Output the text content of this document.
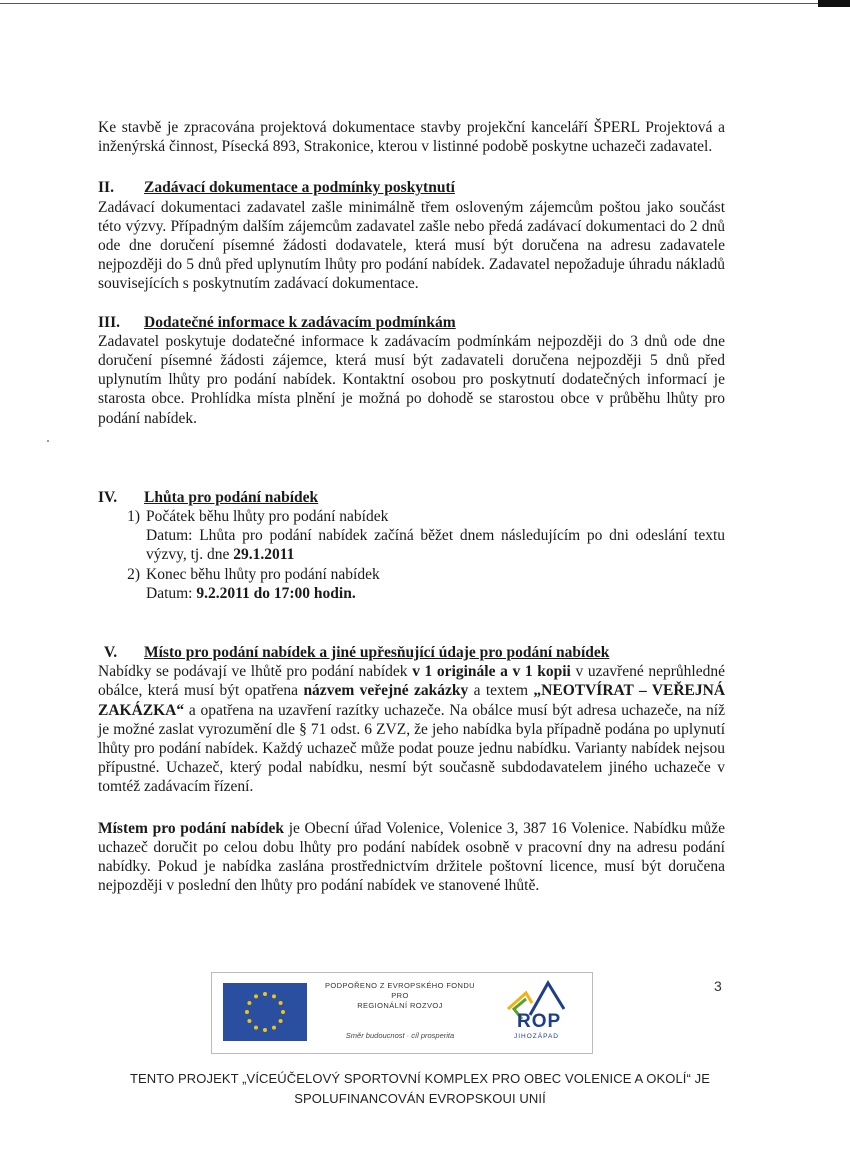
Ke stavbě je zpracována projektová dokumentace stavby projekční kanceláří ŠPERL Projektová a inženýrská činnost, Písecká 893, Strakonice, kterou v listinné podobě poskytne uchazeči zadavatel.

II. Zadávací dokumentace a podmínky poskytnutí

Zadávací dokumentaci zadavatel zašle minimálně třem osloveným zájemcům poštou jako součást této výzvy. Případným dalším zájemcům zadavatel zašle nebo předá zadávací dokumentaci do 2 dnů ode dne doručení písemné žádosti dodavatele, která musí být doručena na adresu zadavatele nejpozději do 5 dnů před uplynutím lhůty pro podání nabídek. Zadavatel nepožaduje úhradu nákladů souvisejících s poskytnutím zadávací dokumentace.

III. Dodatečné informace k zadávacím podmínkám

Zadavatel poskytuje dodatečné informace k zadávacím podmínkám nejpozději do 3 dnů ode dne doručení písemné žádosti zájemce, která musí být zadavateli doručena nejpozději 5 dnů před uplynutím lhůty pro podání nabídek. Kontaktní osobou pro poskytnutí dodatečných informací je starosta obce. Prohlídka místa plnění je možná po dohodě se starostou obce v průběhu lhůty pro podání nabídek.

IV. Lhůta pro podání nabídek
1) Počátek běhu lhůty pro podání nabídek
Datum: Lhůta pro podání nabídek začíná běžet dnem následujícím po dni odeslání textu výzvy, tj. dne 29.1.2011
2) Konec běhu lhůty pro podání nabídek
Datum: 9.2.2011 do 17:00 hodin.
V. Místo pro podání nabídek a jiné upřesňující údaje pro podání nabídek

Nabídky se podávají ve lhůtě pro podání nabídek v 1 originále a v 1 kopii v uzavřené neprůhledné obálce, která musí být opatřena názvem veřejné zakázky a textem „NEOTVÍRAT – VEŘEJNÁ ZAKÁZKA“ a opatřena na uzavření razítky uchazeče. Na obálce musí být adresa uchazeče, na níž je možné zaslat vyrozumění dle § 71 odst. 6 ZVZ, že jeho nabídka byla případně podána po uplynutí lhůty pro podání nabídek. Každý uchazeč může podat pouze jednu nabídku. Varianty nabídek nejsou přípustné. Uchazeč, který podal nabídku, nesmí být současně subdodavatelem jiného uchazeče v tomtéž zadávacím řízení.

Místem pro podání nabídek je Obecní úřad Volenice, Volenice 3, 387 16 Volenice. Nabídku může uchazeč doručit po celou dobu lhůty pro podání nabídek osobně v pracovní dny na adresu podání nabídky. Pokud je nabídka zaslána prostřednictvím držitele poštovní licence, musí být doručena nejpozději v poslední den lhůty pro podání nabídek ve stanovené lhůtě.

PODPOŘENO Z EVROPSKÉHO FONDU
PRO
REGIONÁLNÍ ROZVOJ
Směr budoucnost · cíl prosperita
ROP
JIHOZÁPAD
3
TENTO PROJEKT „VÍCEÚČELOVÝ SPORTOVNÍ KOMPLEX PRO OBEC VOLENICE A OKOLÍ“ JE
SPOLUFINANCOVÁN EVROPSKOUI UNIÍ
